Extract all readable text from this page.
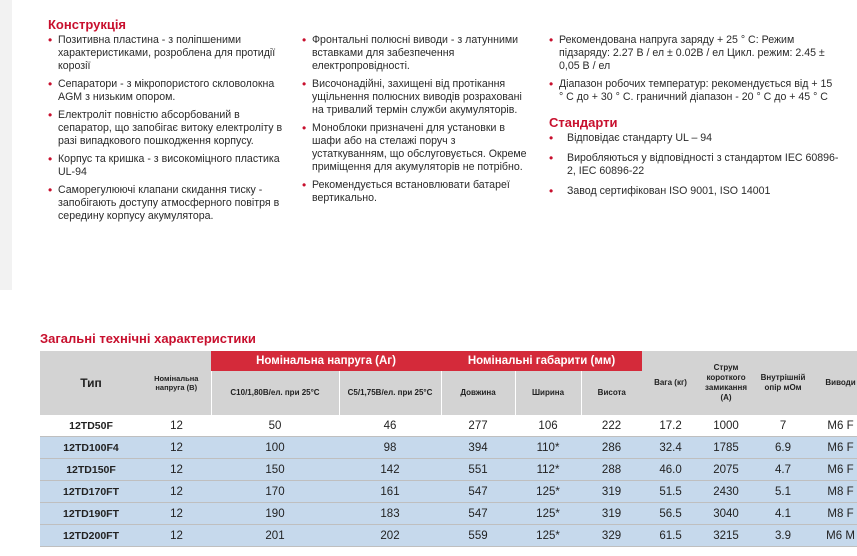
Конструкція
• Позитивна пластина - з поліпшеними характеристиками, розроблена для протидії корозії
• Сепаратори - з мікропористого скловолокна AGM з низьким опором.
• Електроліт повністю абсорбований в сепаратор, що запобігає витоку електроліту в разі випадкового пошкодження корпусу.
• Корпус та кришка - з високоміцного пластика UL-94
• Саморегулюючі клапани скидання тиску - запобігають доступу атмосферного повітря в середину корпусу акумулятора.
• Фронтальні полюсні виводи - з латунними вставками для забезпечення електропровідності.
• Височонадійні, захищені від протікання ущільнення полюсних виводів розраховані на тривалий термін служби акумуляторів.
• Моноблоки призначені для установки в шафи або на стелажі поруч з устаткуванням, що обслуговується. Окреме приміщення для акумуляторів не потрібно.
• Рекомендується встановлювати батареї вертикально.
• Рекомендована напруга заряду + 25 ° С: Режим підзаряду: 2.27 В / ел ± 0.02В / ел Цикл. режим: 2.45 ± 0,05 В / ел
• Діапазон робочих температур: рекомендується від + 15 ° С до + 30 ° С. граничний діапазон - 20 ° С до + 45 ° С
Стандарти
• Відповідає стандарту UL – 94
• Виробляються у відповідності з стандартом IEC 60896-2, IEC 60896-22
• Завод сертифікован ISO 9001, ISO 14001
Загальні технічні характеристики
Тип	Номінальна напруга (В)	Номінальна напруга (Аг)		Номінальні габарити (мм)			Вага (кг)	Струм короткого замикання (А)	Внутрішній опір мОм	Виводи
		C10/1,80В/ел. при 25°C	C5/1,75В/ел. при 25°C	Довжина	Ширина	Висота				
12TD50F	12	50	46	277	106	222	17.2	1000	7	M6 F
12TD100F4	12	100	98	394	110*	286	32.4	1785	6.9	M6 F
12TD150F	12	150	142	551	112*	288	46.0	2075	4.7	M6 F
12TD170FT	12	170	161	547	125*	319	51.5	2430	5.1	M8 F
12TD190FT	12	190	183	547	125*	319	56.5	3040	4.1	M8 F
12TD200FT	12	201	202	559	125*	329	61.5	3215	3.9	M6 M
